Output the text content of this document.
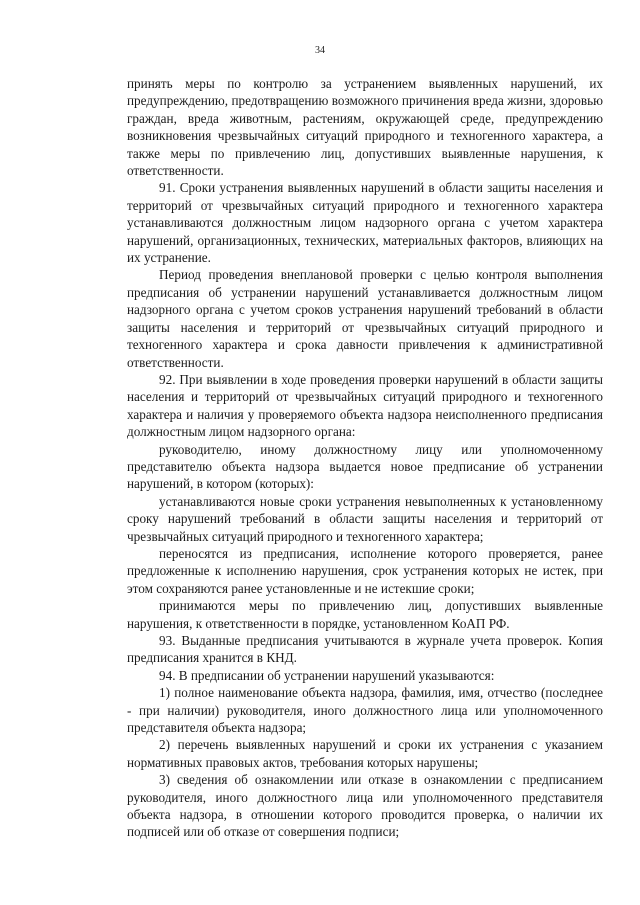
34

принять меры по контролю за устранением выявленных нарушений, их предупреждению, предотвращению возможного причинения вреда жизни, здоровью граждан, вреда животным, растениям, окружающей среде, предупреждению возникновения чрезвычайных ситуаций природного и техногенного характера, а также меры по привлечению лиц, допустивших выявленные нарушения, к ответственности.

91. Сроки устранения выявленных нарушений в области защиты населения и территорий от чрезвычайных ситуаций природного и техногенного характера устанавливаются должностным лицом надзорного органа с учетом характера нарушений, организационных, технических, материальных факторов, влияющих на их устранение.

Период проведения внеплановой проверки с целью контроля выполнения предписания об устранении нарушений устанавливается должностным лицом надзорного органа с учетом сроков устранения нарушений требований в области защиты населения и территорий от чрезвычайных ситуаций природного и техногенного характера и срока давности привлечения к административной ответственности.

92. При выявлении в ходе проведения проверки нарушений в области защиты населения и территорий от чрезвычайных ситуаций природного и техногенного характера и наличия у проверяемого объекта надзора неисполненного предписания должностным лицом надзорного органа:

руководителю, иному должностному лицу или уполномоченному представителю объекта надзора выдается новое предписание об устранении нарушений, в котором (которых):

устанавливаются новые сроки устранения невыполненных к установленному сроку нарушений требований в области защиты населения и территорий от чрезвычайных ситуаций природного и техногенного характера;

переносятся из предписания, исполнение которого проверяется, ранее предложенные к исполнению нарушения, срок устранения которых не истек, при этом сохраняются ранее установленные и не истекшие сроки;

принимаются меры по привлечению лиц, допустивших выявленные нарушения, к ответственности в порядке, установленном КоАП РФ.

93. Выданные предписания учитываются в журнале учета проверок. Копия предписания хранится в КНД.

94. В предписании об устранении нарушений указываются:

1) полное наименование объекта надзора, фамилия, имя, отчество (последнее - при наличии) руководителя, иного должностного лица или уполномоченного представителя объекта надзора;

2) перечень выявленных нарушений и сроки их устранения с указанием нормативных правовых актов, требования которых нарушены;

3) сведения об ознакомлении или отказе в ознакомлении с предписанием руководителя, иного должностного лица или уполномоченного представителя объекта надзора, в отношении которого проводится проверка, о наличии их подписей или об отказе от совершения подписи;
